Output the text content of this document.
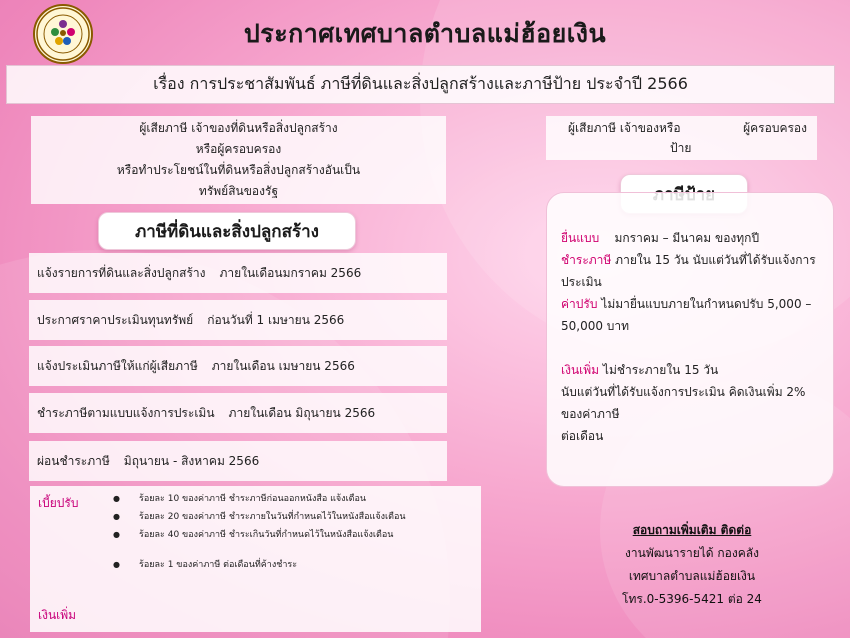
ประกาศเทศบาลตำบลแม่ฮ้อยเงิน
เรื่อง การประชาสัมพันธ์ ภาษีที่ดินและสิ่งปลูกสร้างและภาษีป้าย ประจำปี 2566
ผู้เสียภาษี เจ้าของที่ดินหรือสิ่งปลูกสร้าง
หรือผู้ครอบครอง
หรือทำประโยชน์ในที่ดินหรือสิ่งปลูกสร้างอันเป็น
ทรัพย์สินของรัฐ
ผู้เสียภาษี เจ้าของหรือ	ผู้ครอบครอง
ป้าย
ภาษีที่ดินและสิ่งปลูกสร้าง
แจ้งรายการที่ดินและสิ่งปลูกสร้าง ภายในเดือนมกราคม 2566
ประกาศราคาประเมินทุนทรัพย์ ก่อนวันที่ 1 เมษายน 2566
แจ้งประเมินภาษีให้แก่ผู้เสียภาษี ภายในเดือน เมษายน 2566
ชำระภาษีตามแบบแจ้งการประเมิน ภายในเดือน มิถุนายน 2566
ผ่อนชำระภาษี มิถุนายน - สิงหาคม 2566
เบี้ยปรับ
●	ร้อยละ 10 ของค่าภาษี ชำระภาษีก่อนออกหนังสือ แจ้งเตือน
● ร้อยละ 20 ของค่าภาษี ชำระภายในวันที่กำหนดไว้ในหนังสือแจ้งเตือน
● ร้อยละ 40 ของค่าภาษี ชำระเกินวันที่กำหนดไว้ในหนังสือแจ้งเตือน
● ร้อยละ 1 ของค่าภาษี ต่อเดือนที่ค้างชำระ
เงินเพิ่ม
ยื่นแบบ มกราคม – มีนาคม ของทุกปี
ชำระภาษี ภายใน 15 วัน นับแต่วันที่ได้รับแจ้งการ
ประเมิน
ค่าปรับ ไม่มายื่นแบบภายในกำหนดปรับ 5,000 –
50,000 บาท
เงินเพิ่ม ไม่ชำระภายใน 15 วัน
นับแต่วันที่ได้รับแจ้งการประเมิน คิดเงินเพิ่ม 2%
ของค่าภาษี
ต่อเดือน
สอบถามเพิ่มเติม ติดต่อ
งานพัฒนารายได้ กองคลัง
เทศบาลตำบลแม่ฮ้อยเงิน
โทร.0-5396-5421 ต่อ 24
